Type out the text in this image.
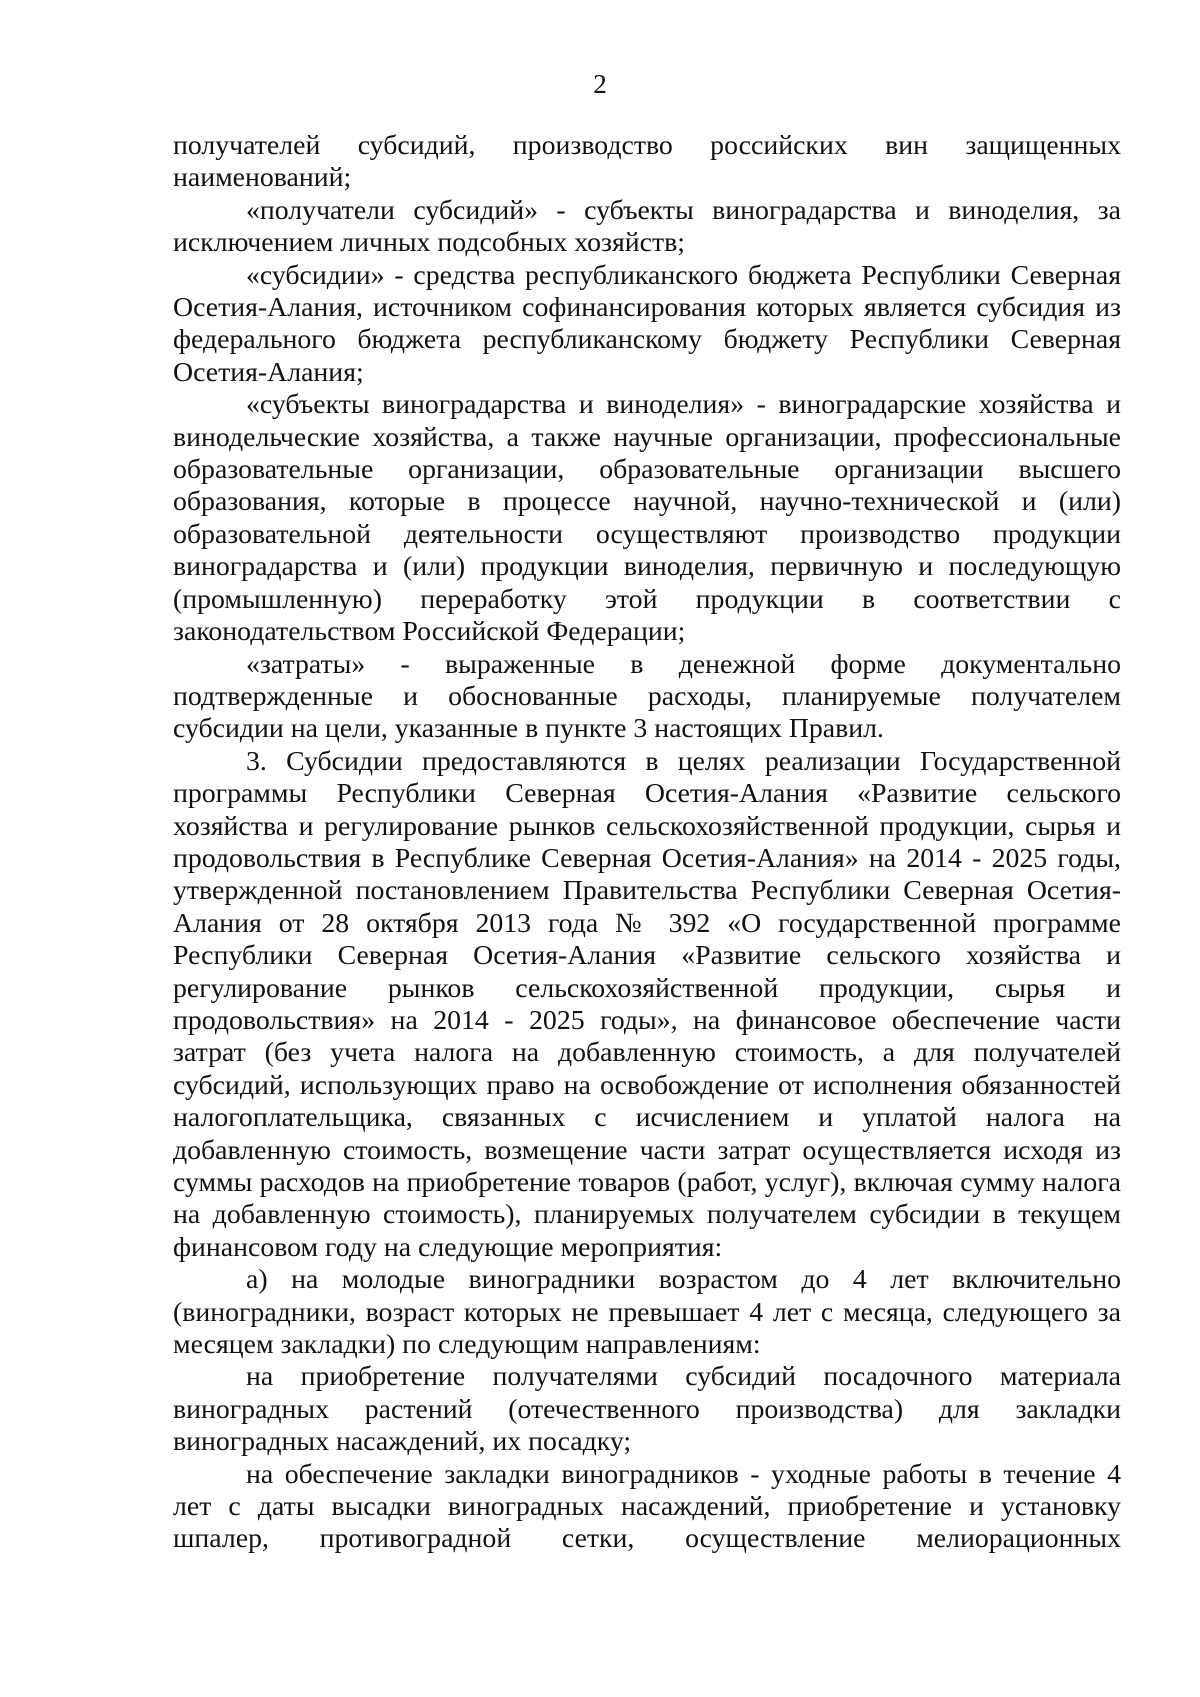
2

получателей субсидий, производство российских вин защищенных наименований;

«получатели субсидий» - субъекты виноградарства и виноделия, за исключением личных подсобных хозяйств;

«субсидии» - средства республиканского бюджета Республики Северная Осетия-Алания, источником софинансирования которых является субсидия из федерального бюджета республиканскому бюджету Республики Северная Осетия-Алания;

«субъекты виноградарства и виноделия» - виноградарские хозяйства и винодельческие хозяйства, а также научные организации, профессиональные образовательные организации, образовательные организации высшего образования, которые в процессе научной, научно-технической и (или) образовательной деятельности осуществляют производство продукции виноградарства и (или) продукции виноделия, первичную и последующую (промышленную) переработку этой продукции в соответствии с законодательством Российской Федерации;

«затраты» - выраженные в денежной форме документально подтвержденные и обоснованные расходы, планируемые получателем субсидии на цели, указанные в пункте 3 настоящих Правил.

3. Субсидии предоставляются в целях реализации Государственной программы Республики Северная Осетия-Алания «Развитие сельского хозяйства и регулирование рынков сельскохозяйственной продукции, сырья и продовольствия в Республике Северная Осетия-Алания» на 2014 - 2025 годы, утвержденной постановлением Правительства Республики Северная Осетия-Алания от 28 октября 2013 года № 392 «О государственной программе Республики Северная Осетия-Алания «Развитие сельского хозяйства и регулирование рынков сельскохозяйственной продукции, сырья и продовольствия» на 2014 - 2025 годы», на финансовое обеспечение части затрат (без учета налога на добавленную стоимость, а для получателей субсидий, использующих право на освобождение от исполнения обязанностей налогоплательщика, связанных с исчислением и уплатой налога на добавленную стоимость, возмещение части затрат осуществляется исходя из суммы расходов на приобретение товаров (работ, услуг), включая сумму налога на добавленную стоимость), планируемых получателем субсидии в текущем финансовом году на следующие мероприятия:

а) на молодые виноградники возрастом до 4 лет включительно (виноградники, возраст которых не превышает 4 лет с месяца, следующего за месяцем закладки) по следующим направлениям:

на приобретение получателями субсидий посадочного материала виноградных растений (отечественного производства) для закладки виноградных насаждений, их посадку;

на обеспечение закладки виноградников - уходные работы в течение 4 лет с даты высадки виноградных насаждений, приобретение и установку шпалер, противоградной сетки, осуществление мелиорационных
